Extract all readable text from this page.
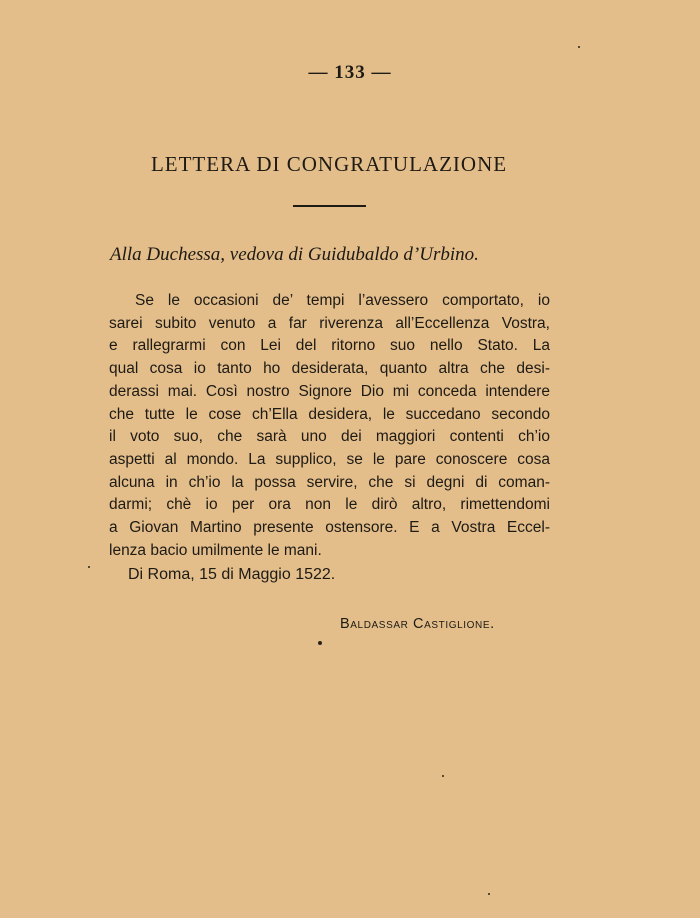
— 133 —
LETTERA DI CONGRATULAZIONE
Alla Duchessa, vedova di Guidubaldo d’Urbino.
Se le occasioni de’ tempi l’avessero comportato, io
sarei subito venuto a far riverenza all’Eccellenza Vostra,
e rallegrarmi con Lei del ritorno suo nello Stato. La
qual cosa io tanto ho desiderata, quanto altra che desi-
derassi mai. Così nostro Signore Dio mi conceda intendere
che tutte le cose ch’Ella desidera, le succedano secondo
il voto suo, che sarà uno dei maggiori contenti ch’io
aspetti al mondo. La supplico, se le pare conoscere cosa
alcuna in ch’io la possa servire, che si degni di coman-
darmi; chè io per ora non le dirò altro, rimettendomi
a Giovan Martino presente ostensore. E a Vostra Eccel-
lenza bacio umilmente le mani.
Di Roma, 15 di Maggio 1522.
Baldassar Castiglione.
